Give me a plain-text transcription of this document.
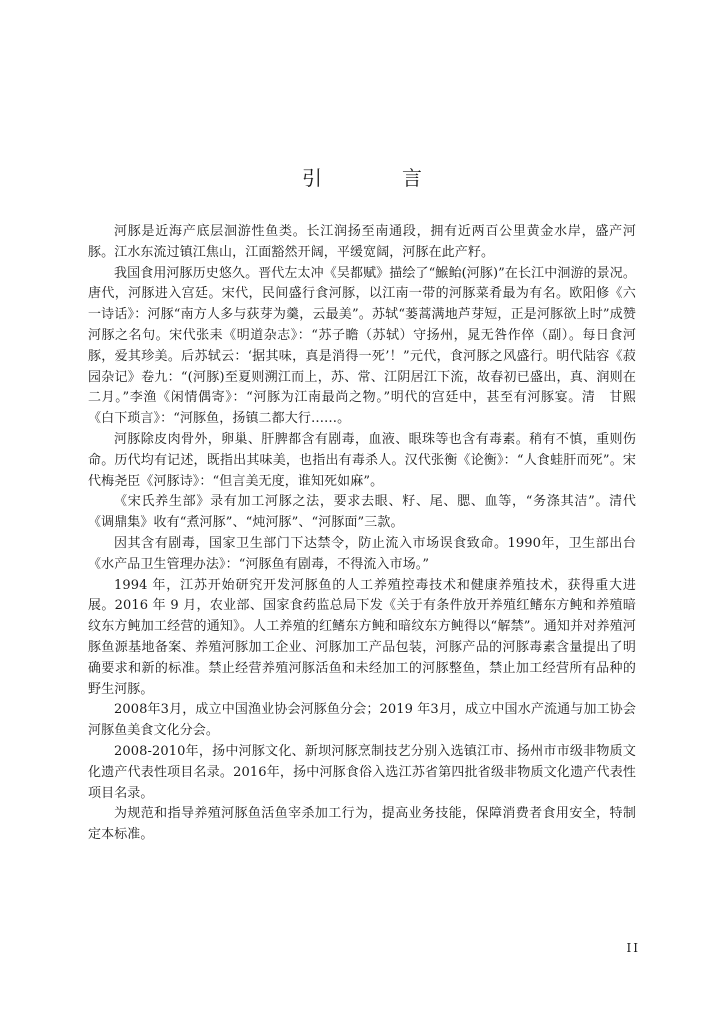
引　言

河豚是近海产底层洄游性鱼类。长江润扬至南通段，拥有近两百公里黄金水岸，盛产河豚。江水东流过镇江焦山，江面豁然开阔，平缓宽阔，河豚在此产籽。

我国食用河豚历史悠久。晋代左太冲《吴都赋》描绘了“鯸鲐(河豚)”在长江中洄游的景况。唐代，河豚进入宫廷。宋代，民间盛行食河豚，以江南一带的河豚菜肴最为有名。欧阳修《六一诗话》：河豚“南方人多与荻芽为羹，云最美”。苏轼“蒌蒿满地芦芽短，正是河豚欲上时”成赞河豚之名句。宋代张耒《明道杂志》：“苏子瞻（苏轼）守扬州，晁无咎作倅（副）。每日食河豚，爱其珍美。后苏轼云：‘据其味，真是消得一死’！”元代，食河豚之风盛行。明代陆容《菽园杂记》卷九：“(河豚)至夏则溯江而上，苏、常、江阴居江下流，故春初已盛出，真、润则在二月。”李渔《闲情偶寄》：“河豚为江南最尚之物。”明代的宫廷中，甚至有河豚宴。清　甘熙《白下琐言》：“河豚鱼，扬镇二都大行……。

河豚除皮肉骨外，卵巢、肝脾都含有剧毒，血液、眼珠等也含有毒素。稍有不慎，重则伤命。历代均有记述，既指出其味美，也指出有毒杀人。汉代张衡《论衡》：“人食蛙肝而死”。宋代梅尧臣《河豚诗》：“但言美无度，谁知死如麻”。

《宋氏养生部》录有加工河豚之法，要求去眼、籽、尾、腮、血等，“务涤其洁”。清代《调鼎集》收有“煮河豚”、“炖河豚”、“河豚面”三款。

因其含有剧毒，国家卫生部门下达禁令，防止流入市场误食致命。1990年，卫生部出台《水产品卫生管理办法》：“河豚鱼有剧毒，不得流入市场。”

1994 年，江苏开始研究开发河豚鱼的人工养殖控毒技术和健康养殖技术，获得重大进展。2016 年 9 月，农业部、国家食药监总局下发《关于有条件放开养殖红鳍东方鲀和养殖暗纹东方鲀加工经营的通知》。人工养殖的红鳍东方鲀和暗纹东方鲀得以“解禁”。通知并对养殖河豚鱼源基地备案、养殖河豚加工企业、河豚加工产品包装，河豚产品的河豚毒素含量提出了明确要求和新的标准。禁止经营养殖河豚活鱼和未经加工的河豚整鱼，禁止加工经营所有品种的野生河豚。

2008年3月，成立中国渔业协会河豚鱼分会；2019 年3月，成立中国水产流通与加工协会河豚鱼美食文化分会。

2008-2010年，扬中河豚文化、新坝河豚烹制技艺分别入选镇江市、扬州市市级非物质文化遗产代表性项目名录。2016年，扬中河豚食俗入选江苏省第四批省级非物质文化遗产代表性项目名录。

为规范和指导养殖河豚鱼活鱼宰杀加工行为，提高业务技能，保障消费者食用安全，特制定本标准。

II
